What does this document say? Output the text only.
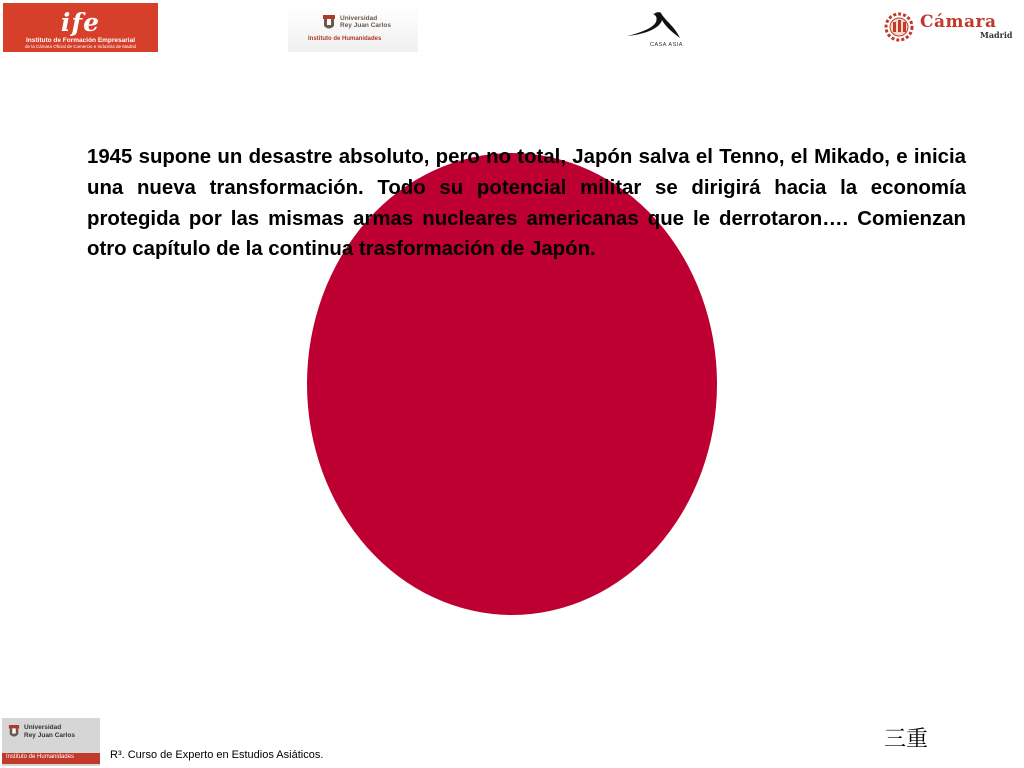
ife
Instituto de Formación Empresarial
de la Cámara Oficial de Comercio e Industria de Madrid
Universidad
Rey Juan Carlos
Instituto de Humanidades
CASA ASIA
Cámara
Madrid

1945 supone un desastre absoluto, pero no total, Japón salva el Tenno, el Mikado, e inicia una nueva transformación. Todo su potencial militar se dirigirá hacia la economía protegida por las mismas armas nucleares americanas que le derrotaron…. Comienzan otro capítulo de la continua trasformación de Japón.

Universidad
Rey Juan Carlos
Instituto de Humanidades	R³. Curso de Experto en Estudios Asiáticos.
三重
